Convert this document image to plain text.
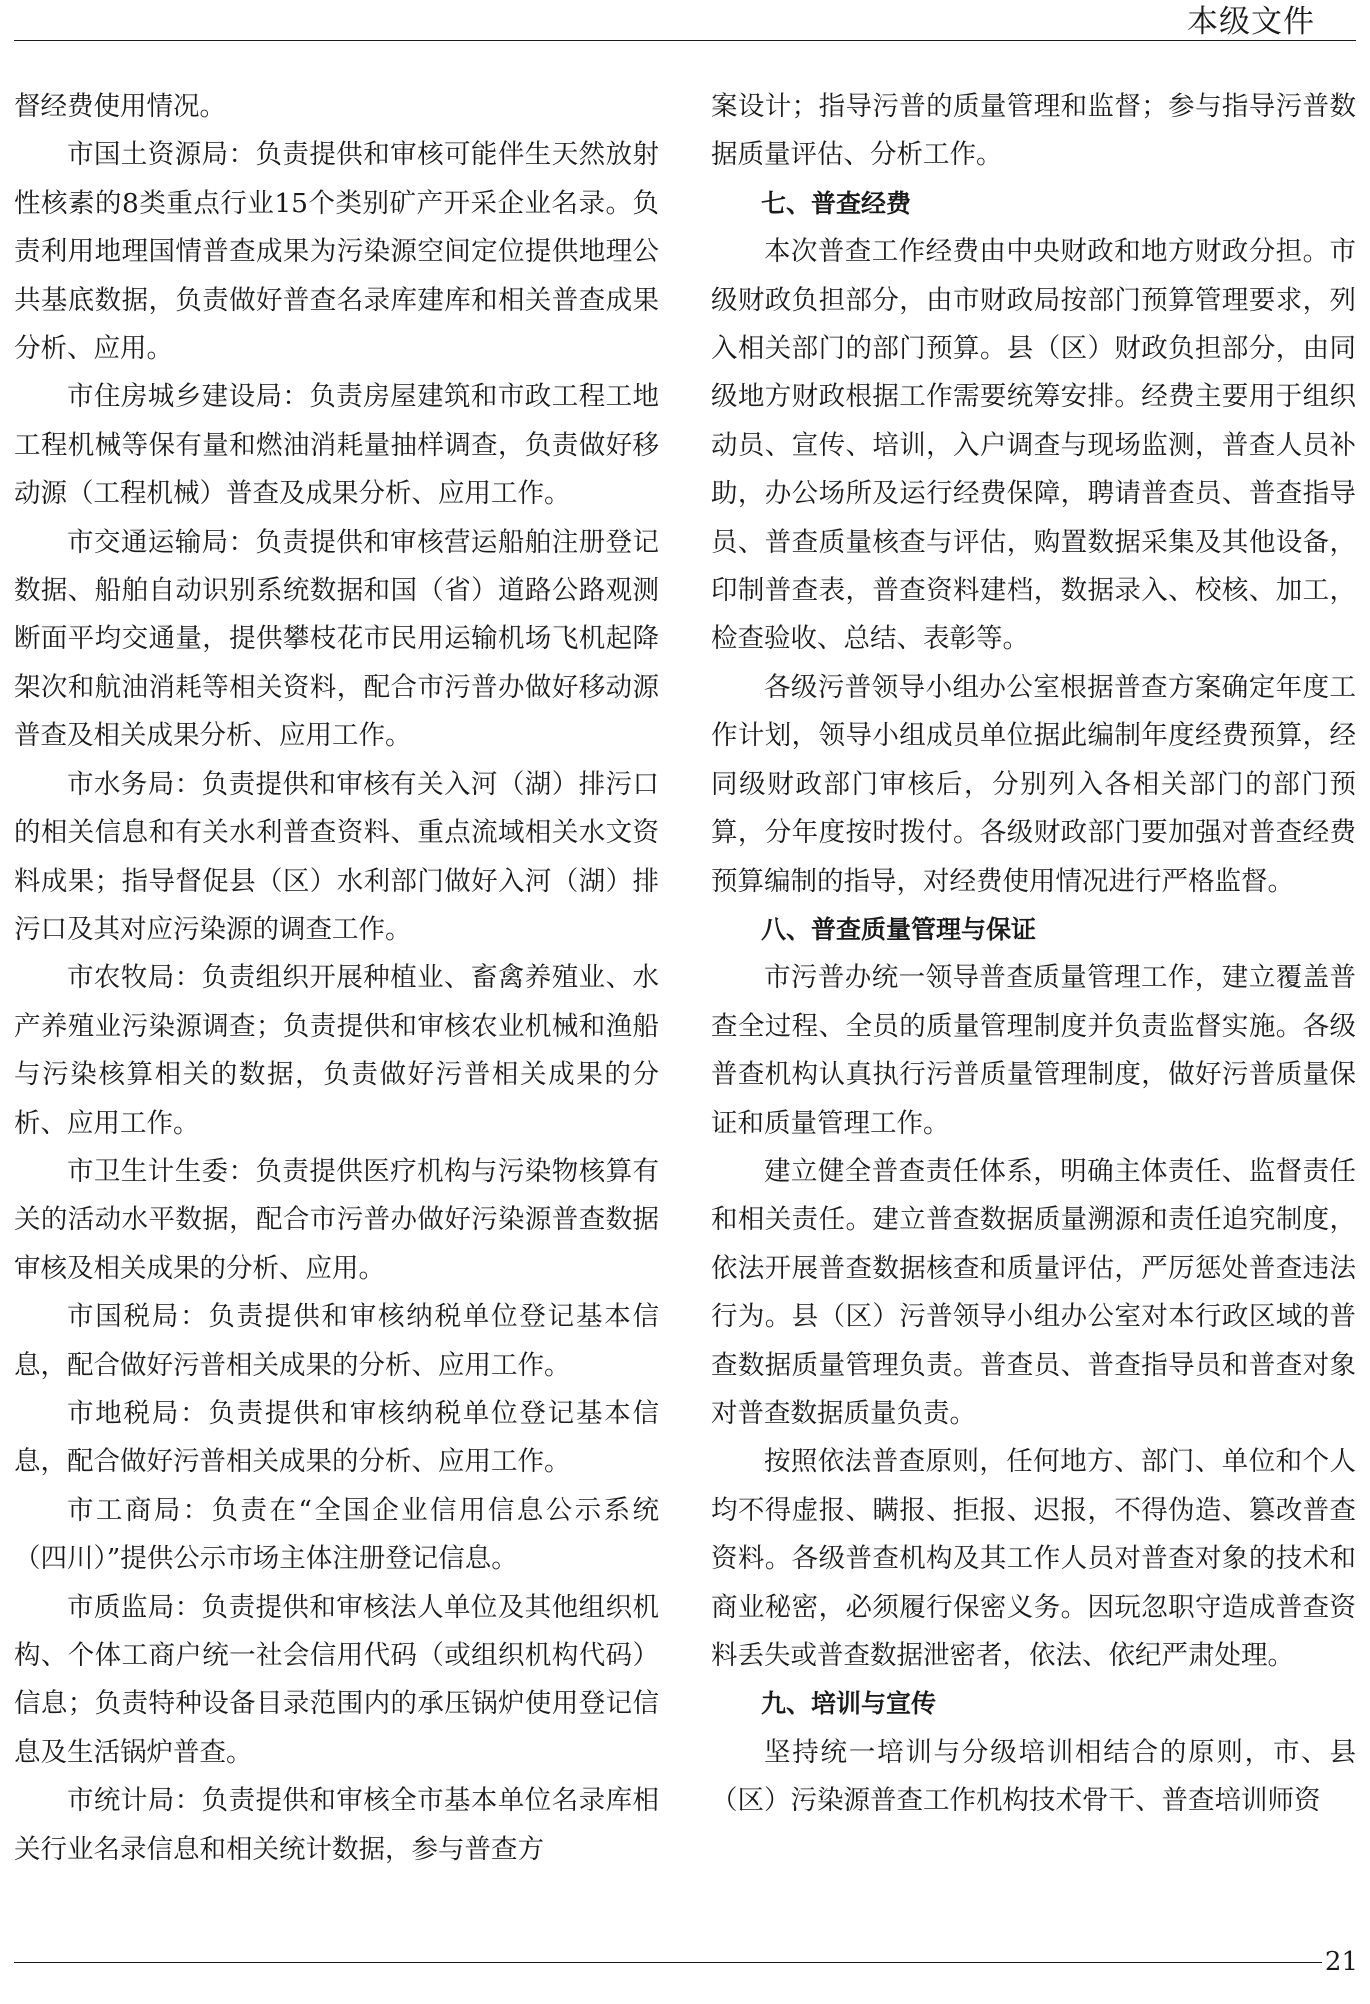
本级文件

督经费使用情况。

市国土资源局：负责提供和审核可能伴生天然放射性核素的8类重点行业15个类别矿产开采企业名录。负责利用地理国情普查成果为污染源空间定位提供地理公共基底数据，负责做好普查名录库建库和相关普查成果分析、应用。

市住房城乡建设局：负责房屋建筑和市政工程工地工程机械等保有量和燃油消耗量抽样调查，负责做好移动源（工程机械）普查及成果分析、应用工作。

市交通运输局：负责提供和审核营运船舶注册登记数据、船舶自动识别系统数据和国（省）道路公路观测断面平均交通量，提供攀枝花市民用运输机场飞机起降架次和航油消耗等相关资料，配合市污普办做好移动源普查及相关成果分析、应用工作。

市水务局：负责提供和审核有关入河（湖）排污口的相关信息和有关水利普查资料、重点流域相关水文资料成果；指导督促县（区）水利部门做好入河（湖）排污口及其对应污染源的调查工作。

市农牧局：负责组织开展种植业、畜禽养殖业、水产养殖业污染源调查；负责提供和审核农业机械和渔船与污染核算相关的数据，负责做好污普相关成果的分析、应用工作。

市卫生计生委：负责提供医疗机构与污染物核算有关的活动水平数据，配合市污普办做好污染源普查数据审核及相关成果的分析、应用。

市国税局：负责提供和审核纳税单位登记基本信息，配合做好污普相关成果的分析、应用工作。

市地税局：负责提供和审核纳税单位登记基本信息，配合做好污普相关成果的分析、应用工作。

市工商局：负责在“全国企业信用信息公示系统（四川）”提供公示市场主体注册登记信息。

市质监局：负责提供和审核法人单位及其他组织机构、个体工商户统一社会信用代码（或组织机构代码）信息；负责特种设备目录范围内的承压锅炉使用登记信息及生活锅炉普查。

市统计局：负责提供和审核全市基本单位名录库相关行业名录信息和相关统计数据，参与普查方

案设计；指导污普的质量管理和监督；参与指导污普数据质量评估、分析工作。

七、普查经费

本次普查工作经费由中央财政和地方财政分担。市级财政负担部分，由市财政局按部门预算管理要求，列入相关部门的部门预算。县（区）财政负担部分，由同级地方财政根据工作需要统筹安排。经费主要用于组织动员、宣传、培训，入户调查与现场监测，普查人员补助，办公场所及运行经费保障，聘请普查员、普查指导员、普查质量核查与评估，购置数据采集及其他设备，印制普查表，普查资料建档，数据录入、校核、加工，检查验收、总结、表彰等。

各级污普领导小组办公室根据普查方案确定年度工作计划，领导小组成员单位据此编制年度经费预算，经同级财政部门审核后，分别列入各相关部门的部门预算，分年度按时拨付。各级财政部门要加强对普查经费预算编制的指导，对经费使用情况进行严格监督。

八、普查质量管理与保证

市污普办统一领导普查质量管理工作，建立覆盖普查全过程、全员的质量管理制度并负责监督实施。各级普查机构认真执行污普质量管理制度，做好污普质量保证和质量管理工作。

建立健全普查责任体系，明确主体责任、监督责任和相关责任。建立普查数据质量溯源和责任追究制度，依法开展普查数据核查和质量评估，严厉惩处普查违法行为。县（区）污普领导小组办公室对本行政区域的普查数据质量管理负责。普查员、普查指导员和普查对象对普查数据质量负责。

按照依法普查原则，任何地方、部门、单位和个人均不得虚报、瞒报、拒报、迟报，不得伪造、篡改普查资料。各级普查机构及其工作人员对普查对象的技术和商业秘密，必须履行保密义务。因玩忽职守造成普查资料丢失或普查数据泄密者，依法、依纪严肃处理。

九、培训与宣传

坚持统一培训与分级培训相结合的原则，市、县（区）污染源普查工作机构技术骨干、普查培训师资

21
